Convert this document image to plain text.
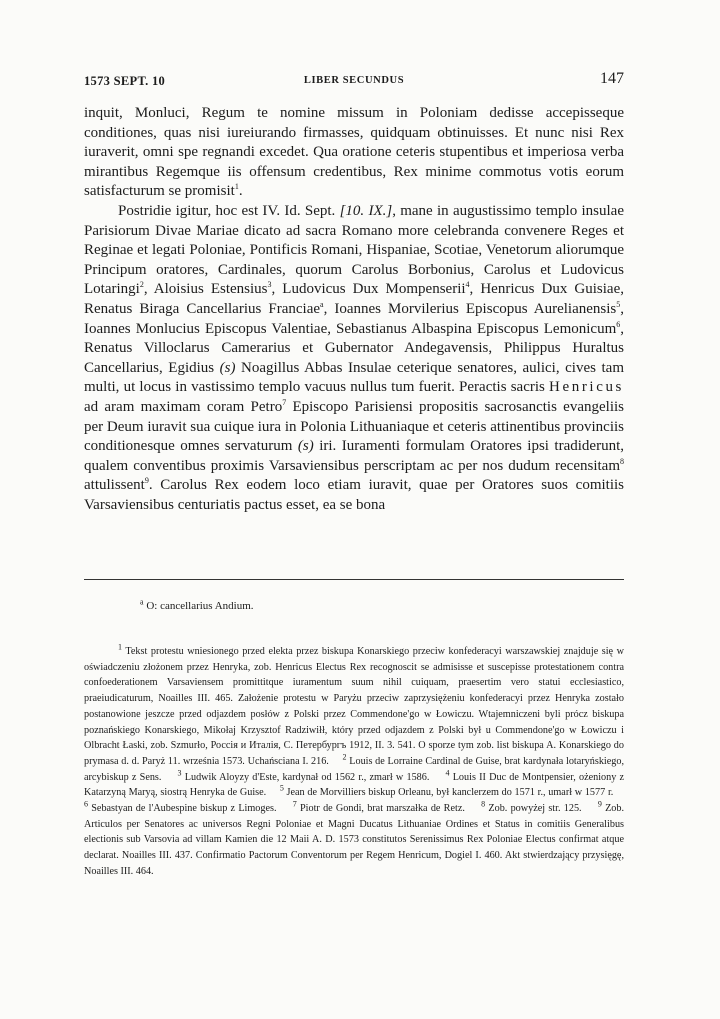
1573 SEPT. 10	LIBER SECUNDUS	147

inquit, Monluci, Regum te nomine missum in Poloniam dedisse accepisseque conditiones, quas nisi iureiurando firmasses, quidquam obtinuisses. Et nunc nisi Rex iuraverit, omni spe regnandi excedet. Qua oratione ceteris stupentibus et imperiosa verba mirantibus Regemque iis offensum credentibus, Rex minime commotus votis eorum satisfacturum se promisit$^1$.

Postridie igitur, hoc est IV. Id. Sept. [10. IX.], mane in augustissimo templo insulae Parisiorum Divae Mariae dicato ad sacra Romano more celebranda convenere Reges et Reginae et legati Poloniae, Pontificis Romani, Hispaniae, Scotiae, Venetorum aliorumque Principum oratores, Cardinales, quorum Carolus Borbonius, Carolus et Ludovicus Lotaringi$^2$, Aloisius Estensius$^3$, Ludovicus Dux Mompenserii$^4$, Henricus Dux Guisiae, Renatus Biraga Cancellarius Franciae$^a$, Ioannes Morvilerius Episcopus Aurelianensis$^5$, Ioannes Monlucius Episcopus Valentiae, Sebastianus Albaspina Episcopus Lemonicum$^6$, Renatus Villoclarus Camerarius et Gubernator Andegavensis, Philippus Huraltus Cancellarius, Egidius (s) Noagillus Abbas Insulae ceterique senatores, aulici, cives tam multi, ut locus in vastissimo templo vacuus nullus tum fuerit. Peractis sacris Henricus ad aram maximam coram Petro$^7$ Episcopo Parisiensi propositis sacrosanctis evangeliis per Deum iuravit sua cuique iura in Polonia Lithuaniaque et ceteris attinentibus provinciis conditionesque omnes servaturum (s) iri. Iuramenti formulam Oratores ipsi tradiderunt, qualem conventibus proximis Varsaviensibus perscriptam ac per nos dudum recensitam$^8$ attulissent$^9$. Carolus Rex eodem loco etiam iuravit, quae per Oratores suos comitiis Varsaviensibus centuriatis pactus esset, ea se bona

$^a$ O: cancellarius Andium.

$^1$ Tekst protestu wniesionego przed elekta przez biskupa Konarskiego przeciw konfederacyi warszawskiej znajduje się w oświadczeniu złożonem przez Henryka, zob. Henricus Electus Rex recognoscit se admisisse et suscepisse protestationem contra confoederationem Varsaviensem promittitque iuramentum suum nihil cuiquam, praesertim vero statui ecclesiastico, praeiudicaturum, Noailles III. 465. Założenie protestu w Paryżu przeciw zaprzysiężeniu konfederacyi przez Henryka zostało postanowione jeszcze przed odjazdem posłów z Polski przez Commendone'go w Łowiczu. Wtajemniczeni byli prócz biskupa poznańskiego Konarskiego, Mikołaj Krzysztof Radziwiłł, który przed odjazdem z Polski był u Commendone'go w Łowiczu i Olbracht Łaski, zob. Szmurło, Россія и Италія, С. Петербургъ 1912, II. 3. 541. O sporze tym zob. list biskupa A. Konarskiego do prymasa d. d. Paryż 11. września 1573. Uchańsciana I. 216. $^2$ Louis de Lorraine Cardinal de Guise, brat kardynała lotaryńskiego, arcybiskup z Sens. $^3$ Ludwik Aloyzy d'Este, kardynał od 1562 r., zmarł w 1586. $^4$ Louis II Duc de Montpensier, ożeniony z Katarzyną Maryą, siostrą Henryka de Guise. $^5$ Jean de Morvilliers biskup Orleanu, był kanclerzem do 1571 r., umarł w 1577 r.     $^6$ Sebastyan de l'Aubespine biskup z Limoges. $^7$ Piotr de Gondi, brat marszałka de Retz. $^8$ Zob. powyżej str. 125. $^9$ Zob. Articulos per Senatores ac universos Regni Poloniae et Magni Ducatus Lithuaniae Ordines et Status in comitiis Generalibus electionis sub Varsovia ad villam Kamien die 12 Maii A. D. 1573 constitutos Serenissimus Rex Poloniae Electus confirmat atque declarat. Noailles III. 437. Confirmatio Pactorum Conventorum per Regem Henricum, Dogiel I. 460. Akt stwierdzający przysięgę, Noailles III. 464.
